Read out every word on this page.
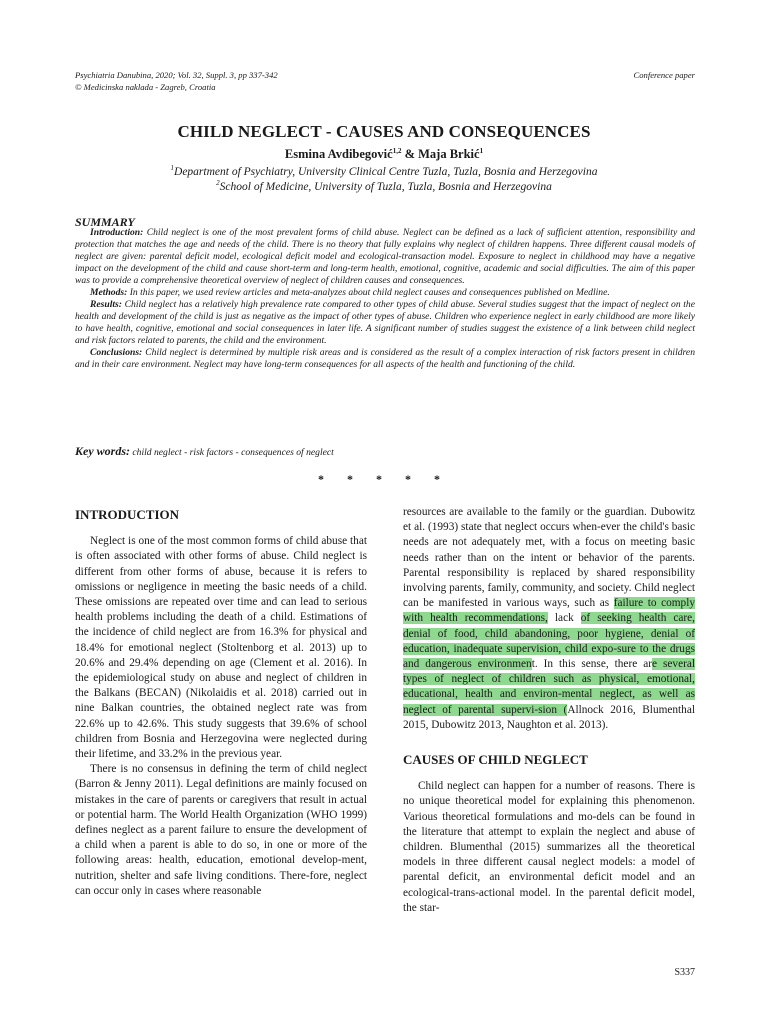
Psychiatria Danubina, 2020; Vol. 32, Suppl. 3, pp 337-342
© Medicinska naklada - Zagreb, Croatia
Conference paper
CHILD NEGLECT - CAUSES AND CONSEQUENCES
Esmina Avdibegović$^{1,2}$ & Maja Brkić$^1$
$^1$Department of Psychiatry, University Clinical Centre Tuzla, Tuzla, Bosnia and Herzegovina
$^2$School of Medicine, University of Tuzla, Tuzla, Bosnia and Herzegovina
SUMMARY

Introduction: Child neglect is one of the most prevalent forms of child abuse. Neglect can be defined as a lack of sufficient attention, responsibility and protection that matches the age and needs of the child. There is no theory that fully explains why neglect of children happens. Three different causal models of neglect are given: parental deficit model, ecological deficit model and ecological-transaction model. Exposure to neglect in childhood may have a negative impact on the development of the child and cause short-term and long-term health, emotional, cognitive, academic and social difficulties. The aim of this paper was to provide a comprehensive theoretical overview of neglect of children causes and consequences.

Methods: In this paper, we used review articles and meta-analyzes about child neglect causes and consequences published on Medline.

Results: Child neglect has a relatively high prevalence rate compared to other types of child abuse. Several studies suggest that the impact of neglect on the health and development of the child is just as negative as the impact of other types of abuse. Children who experience neglect in early childhood are more likely to have health, cognitive, emotional and social consequences in later life. A significant number of studies suggest the existence of a link between child neglect and risk factors related to parents, the child and the environment.

Conclusions: Child neglect is determined by multiple risk areas and is considered as the result of a complex interaction of risk factors present in children and in their care environment. Neglect may have long-term consequences for all aspects of the health and functioning of the child.

Key words: child neglect - risk factors - consequences of neglect
* * * * *
INTRODUCTION

Neglect is one of the most common forms of child abuse that is often associated with other forms of abuse. Child neglect is different from other forms of abuse, because it is refers to omissions or negligence in meeting the basic needs of a child. These omissions are repeated over time and can lead to serious health problems including the death of a child. Estimations of the incidence of child neglect are from 16.3% for physical and 18.4% for emotional neglect (Stoltenborg et al. 2013) up to 20.6% and 29.4% depending on age (Clement et al. 2016). In the epidemiological study on abuse and neglect of children in the Balkans (BECAN) (Nikolaidis et al. 2018) carried out in nine Balkan countries, the obtained neglect rate was from 22.6% up to 42.6%. This study suggests that 39.6% of school children from Bosnia and Herzegovina were neglected during their lifetime, and 33.2% in the previous year.

There is no consensus in defining the term of child neglect (Barron & Jenny 2011). Legal definitions are mainly focused on mistakes in the care of parents or caregivers that result in actual or potential harm. The World Health Organization (WHO 1999) defines neglect as a parent failure to ensure the development of a child when a parent is able to do so, in one or more of the following areas: health, education, emotional develop-ment, nutrition, shelter and safe living conditions. There-fore, neglect can occur only in cases where reasonable

resources are available to the family or the guardian. Dubowitz et al. (1993) state that neglect occurs when-ever the child's basic needs are not adequately met, with a focus on meeting basic needs rather than on the intent or behavior of the parents. Parental responsibility is replaced by shared responsibility involving parents, family, community, and society. Child neglect can be manifested in various ways, such as failure to comply with health recommendations, lack of seeking health care, denial of food, child abandoning, poor hygiene, denial of education, inadequate supervision, child expo-sure to the drugs and dangerous environment. In this sense, there are several types of neglect of children such as physical, emotional, educational, health and environ-mental neglect, as well as neglect of parental supervi-sion (Allnock 2016, Blumenthal 2015, Dubowitz 2013, Naughton et al. 2013).

CAUSES OF CHILD NEGLECT

Child neglect can happen for a number of reasons. There is no unique theoretical model for explaining this phenomenon. Various theoretical formulations and mo-dels can be found in the literature that attempt to explain the neglect and abuse of children. Blumenthal (2015) summarizes all the theoretical models in three different causal neglect models: a model of parental deficit, an environmental deficit model and an ecological-trans-actional model. In the parental deficit model, the star-

S337
